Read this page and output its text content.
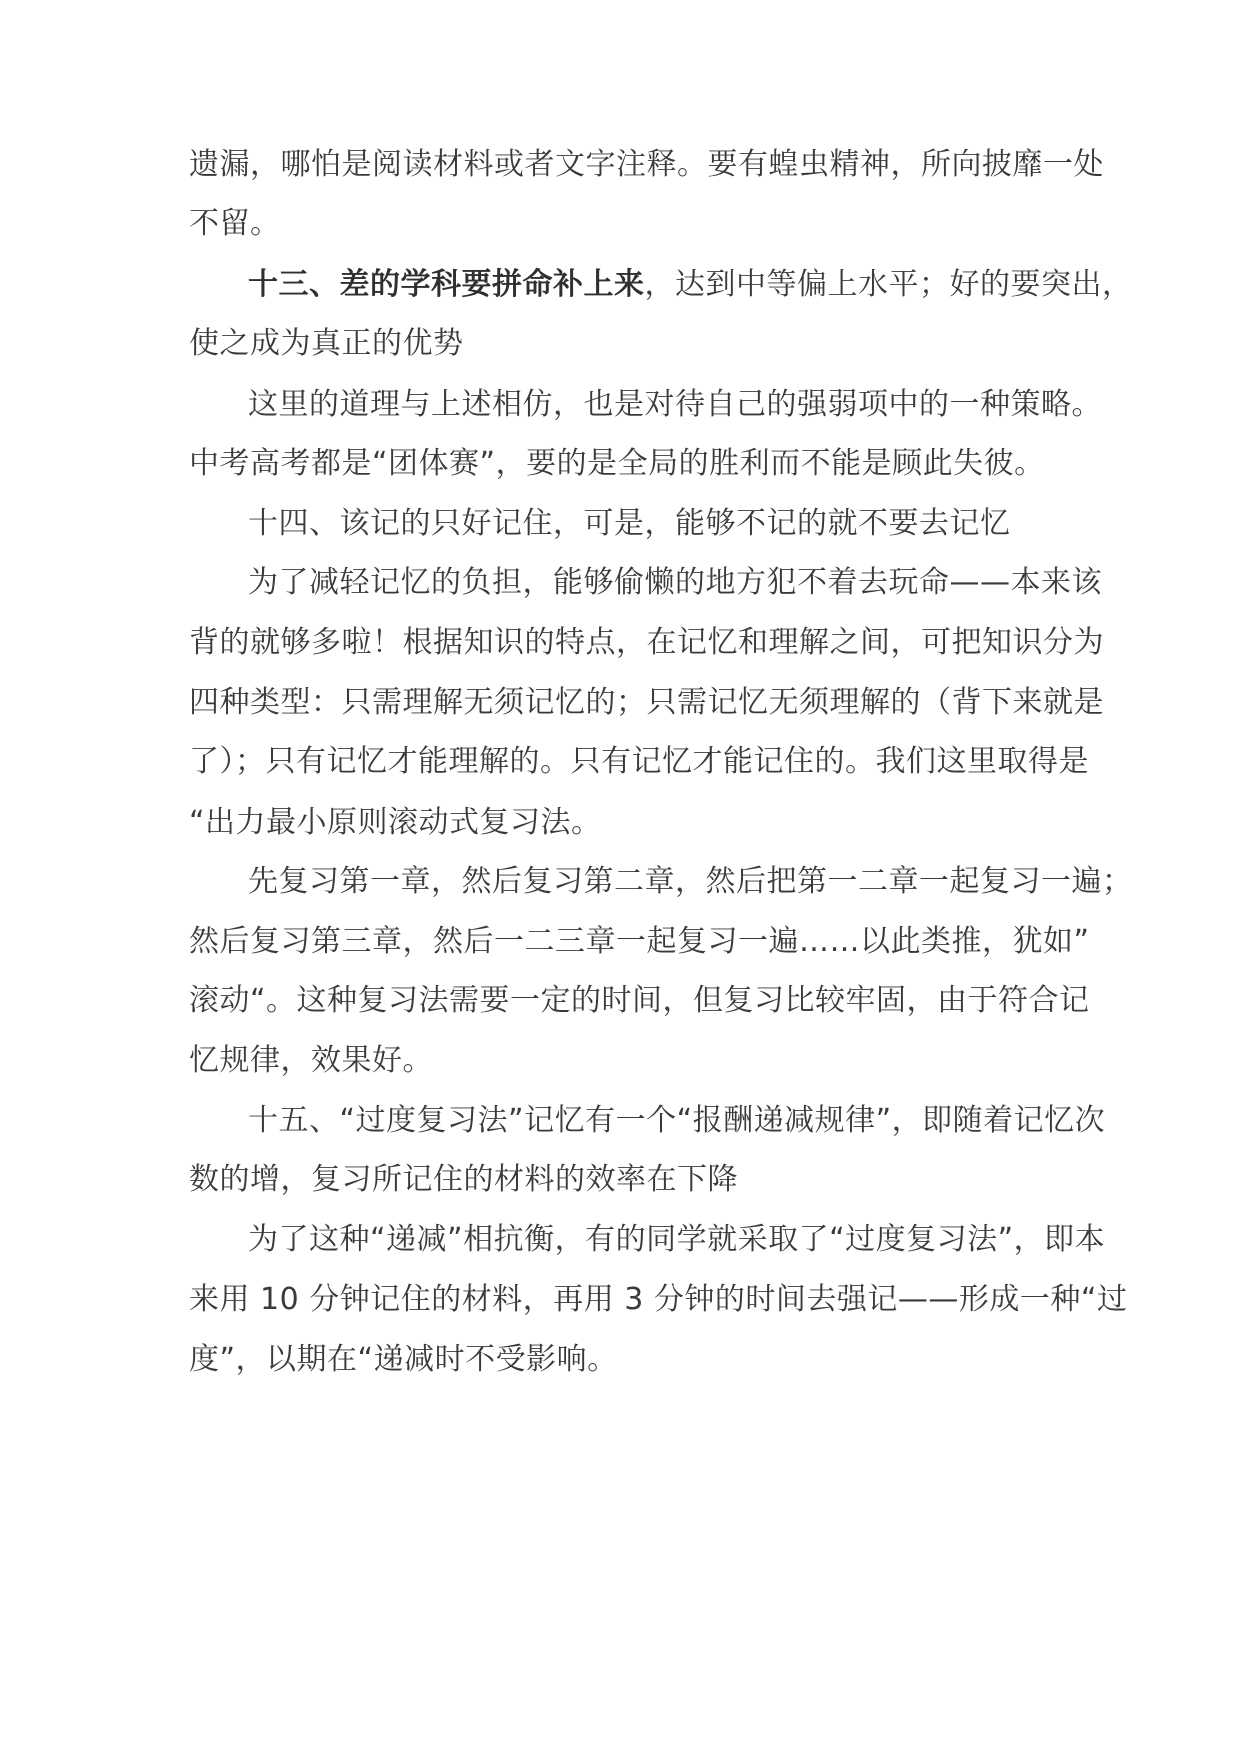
遗漏，哪怕是阅读材料或者文字注释。要有蝗虫精神，所向披靡一处
不留。
十三、差的学科要拼命补上来，达到中等偏上水平；好的要突出，
使之成为真正的优势
这里的道理与上述相仿，也是对待自己的强弱项中的一种策略。
中考高考都是“团体赛”，要的是全局的胜利而不能是顾此失彼。
十四、该记的只好记住，可是，能够不记的就不要去记忆
为了减轻记忆的负担，能够偷懒的地方犯不着去玩命——本来该
背的就够多啦！根据知识的特点，在记忆和理解之间，可把知识分为
四种类型：只需理解无须记忆的；只需记忆无须理解的（背下来就是
了）；只有记忆才能理解的。只有记忆才能记住的。我们这里取得是
“出力最小原则滚动式复习法。
先复习第一章，然后复习第二章，然后把第一二章一起复习一遍；
然后复习第三章，然后一二三章一起复习一遍……以此类推，犹如”
滚动“。这种复习法需要一定的时间，但复习比较牢固，由于符合记
忆规律，效果好。
十五、“过度复习法”记忆有一个“报酬递减规律”，即随着记忆次
数的增，复习所记住的材料的效率在下降
为了这种“递减”相抗衡，有的同学就采取了“过度复习法”，即本
来用 10 分钟记住的材料，再用 3 分钟的时间去强记——形成一种“过
度”，以期在“递减时不受影响。
